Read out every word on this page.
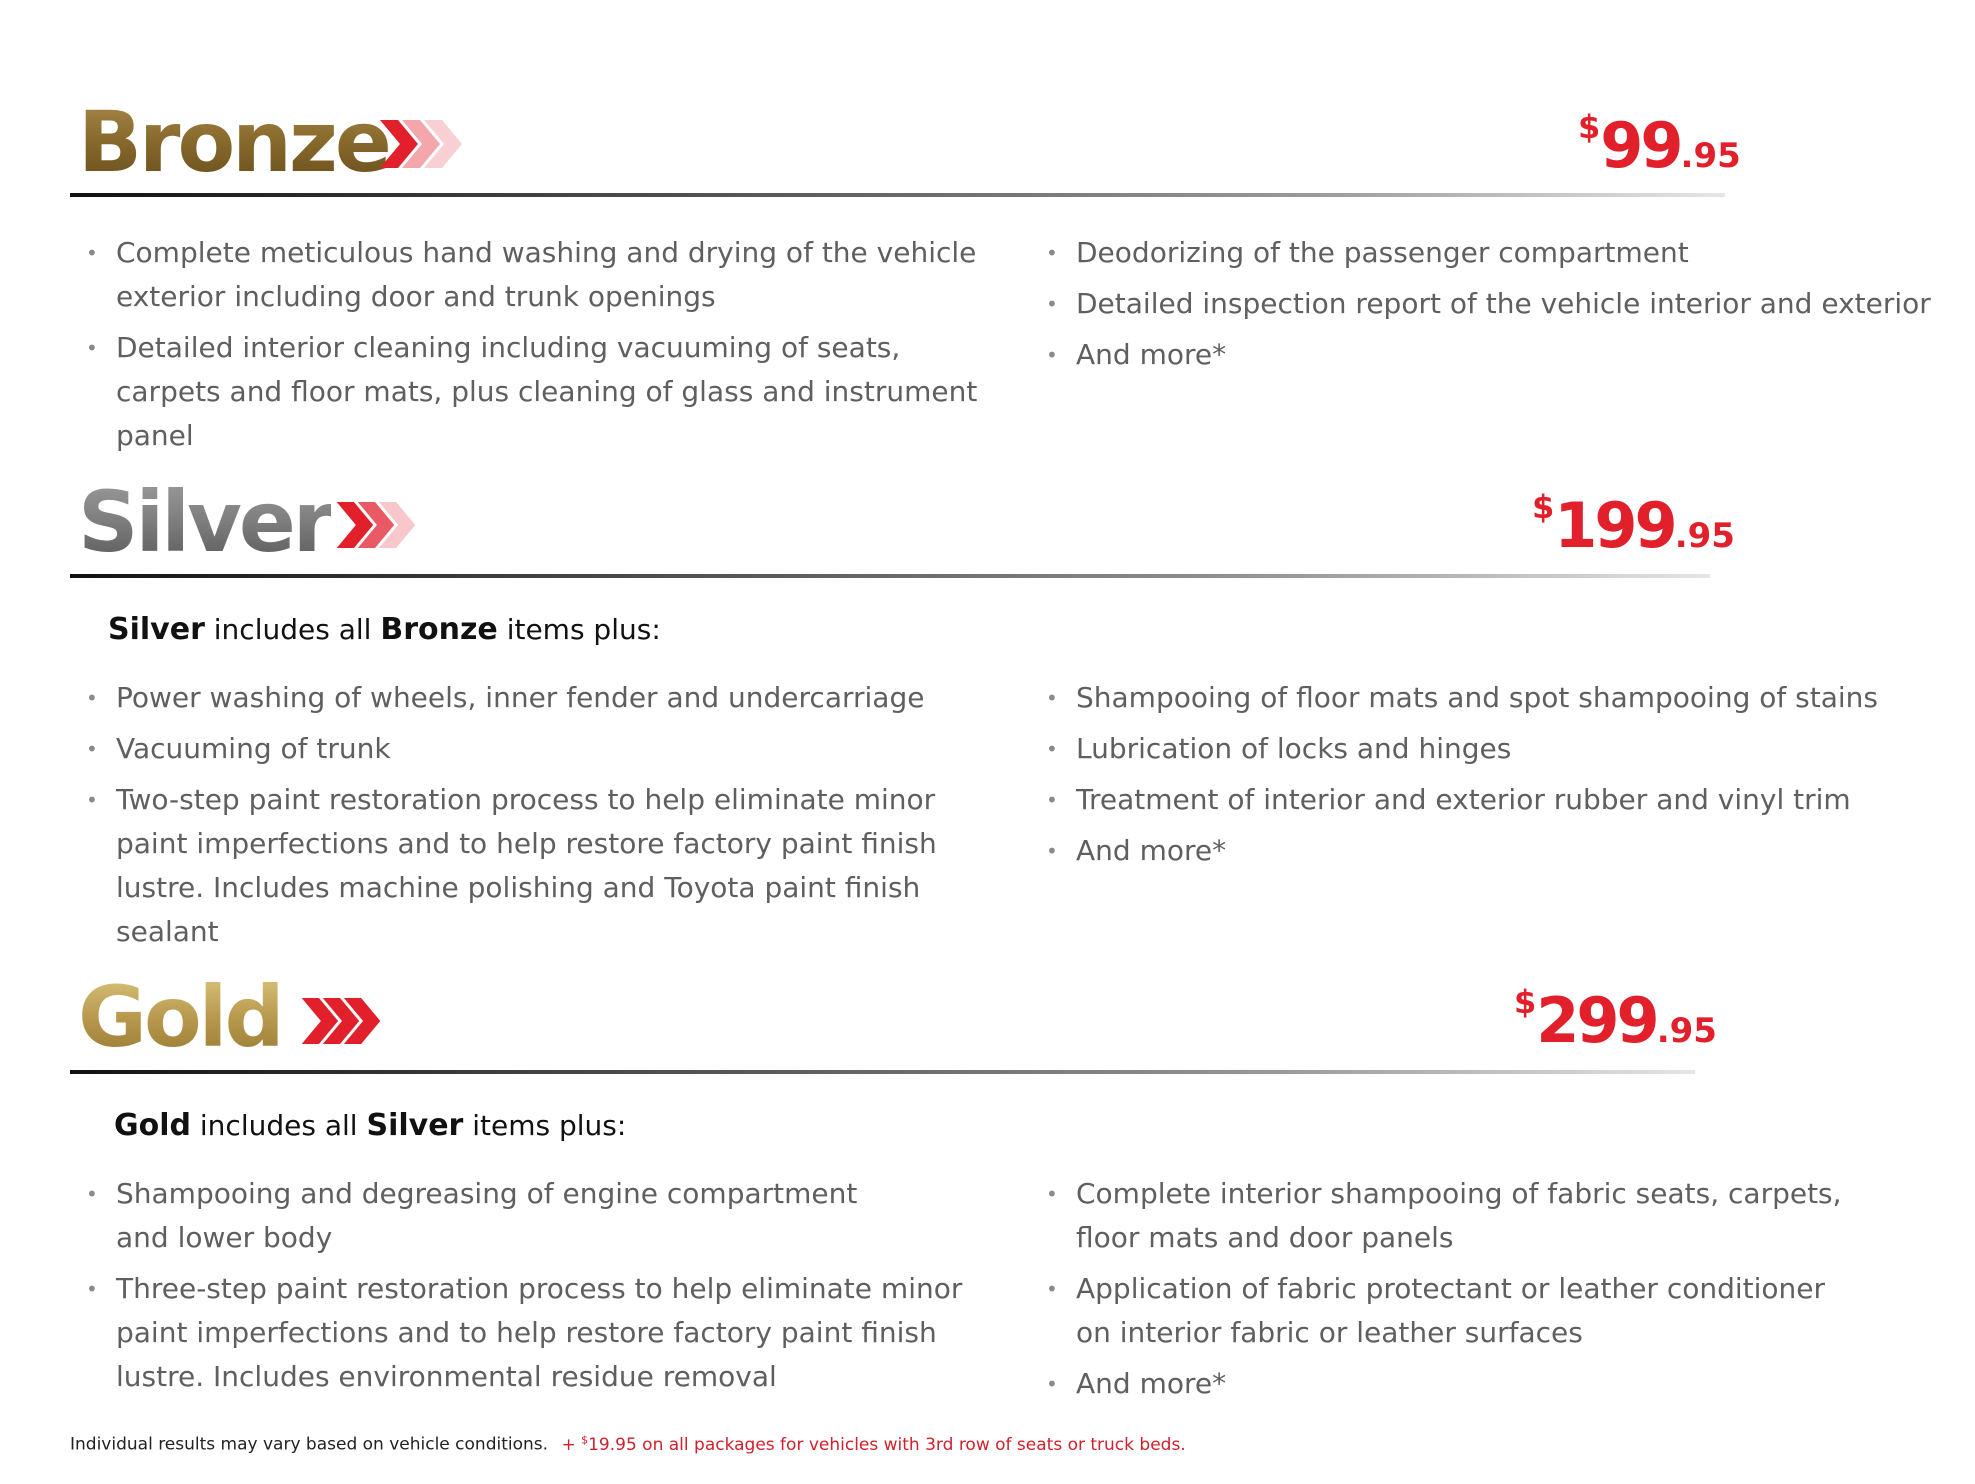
Bronze	$99.95
• Complete meticulous hand washing and drying of the vehicle exterior including door and trunk openings
• Detailed interior cleaning including vacuuming of seats, carpets and floor mats, plus cleaning of glass and instrument panel
• Deodorizing of the passenger compartment
• Detailed inspection report of the vehicle interior and exterior
• And more*
Silver	$199.95

Silver includes all Bronze items plus:

• Power washing of wheels, inner fender and undercarriage
• Vacuuming of trunk
• Two-step paint restoration process to help eliminate minor paint imperfections and to help restore factory paint finish lustre. Includes machine polishing and Toyota paint finish sealant
• Shampooing of floor mats and spot shampooing of stains
• Lubrication of locks and hinges
• Treatment of interior and exterior rubber and vinyl trim
• And more*
Gold	$299.95

Gold includes all Silver items plus:

• Shampooing and degreasing of engine compartment and lower body
• Three-step paint restoration process to help eliminate minor paint imperfections and to help restore factory paint finish lustre. Includes environmental residue removal
• Complete interior shampooing of fabric seats, carpets, floor mats and door panels
• Application of fabric protectant or leather conditioner on interior fabric or leather surfaces
• And more*
Individual results may vary based on vehicle conditions. + $19.95 on all packages for vehicles with 3rd row of seats or truck beds.
